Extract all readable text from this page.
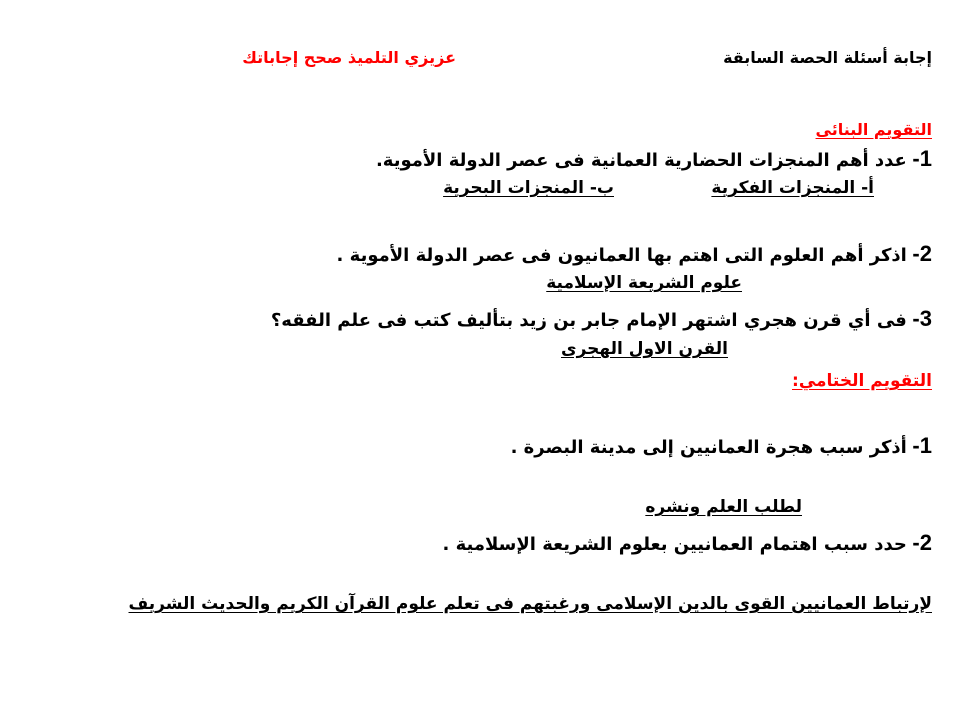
إجابة أسئلة الحصة السابقة
عزيزي التلميذ صحح إجاباتك
التقويم البنائى
1- عدد أهم المنجزات الحضارية العمانية فى عصر الدولة الأموية.
أ- المنجزات الفكرية
ب- المنجزات البحرية
2- اذكر أهم العلوم التى اهتم بها العمانيون فى عصر الدولة الأموية .
علوم الشريعة الإسلامية
3- فى أي قرن هجري اشتهر الإمام جابر بن زيد بتأليف كتب فى علم الفقه؟
القرن الاول الهجرى
التقويم الختامي:
1- أذكر سبب هجرة العمانيين إلى مدينة البصرة .
لطلب العلم ونشره
2- حدد سبب اهتمام العمانيين بعلوم الشريعة الإسلامية .
لإرتباط العمانيين القوى بالدين الإسلامى ورغبتهم فى تعلم علوم القرآن الكريم والحديث الشريف
